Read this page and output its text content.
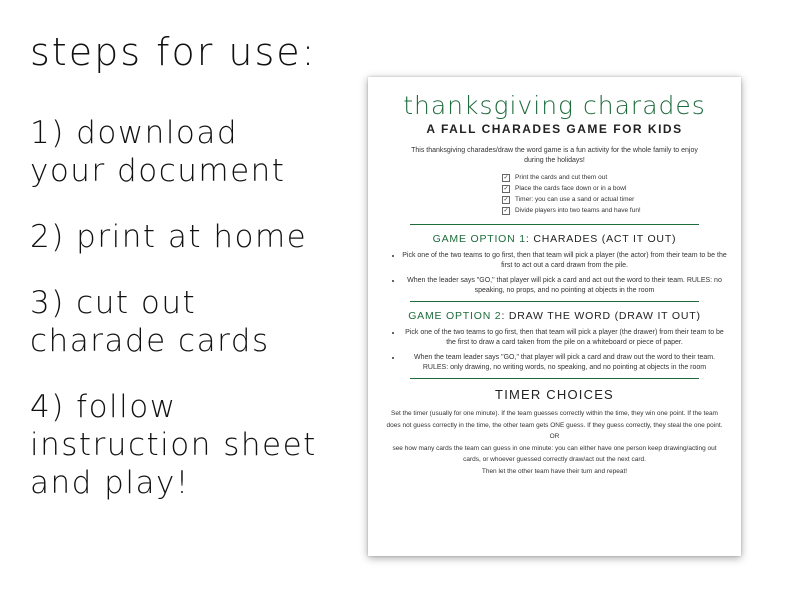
steps for use:
1) download
your document
2) print at home
3) cut out
charade cards
4) follow
instruction sheet
and play!
thanksgiving charades
A FALL CHARADES GAME FOR KIDS
This thanksgiving charades/draw the word game is a fun activity for the whole family to enjoy during the holidays!
✓ Print the cards and cut them out
✓ Place the cards face down or in a bowl
✓ Timer: you can use a sand or actual timer
✓ Divide players into two teams and have fun!
GAME OPTION 1: CHARADES (ACT IT OUT)
• Pick one of the two teams to go first, then that team will pick a player (the actor) from their team to be the first to act out a card drawn from the pile.
• When the leader says "GO," that player will pick a card and act out the word to their team. RULES: no speaking, no props, and no pointing at objects in the room
GAME OPTION 2: DRAW THE WORD (DRAW IT OUT)
• Pick one of the two teams to go first, then that team will pick a player (the drawer) from their team to be the first to draw a card taken from the pile on a whiteboard or piece of paper.
• When the team leader says "GO," that player will pick a card and draw out the word to their team. RULES: only drawing, no writing words, no speaking, and no pointing at objects in the room
TIMER CHOICES
Set the timer (usually for one minute). If the team guesses correctly within the time, they win one point. If the team does not guess correctly in the time, the other team gets ONE guess. If they guess correctly, they steal the one point.
OR
see how many cards the team can guess in one minute: you can either have one person keep drawing/acting out cards, or whoever guessed correctly draw/act out the next card.
Then let the other team have their turn and repeat!
